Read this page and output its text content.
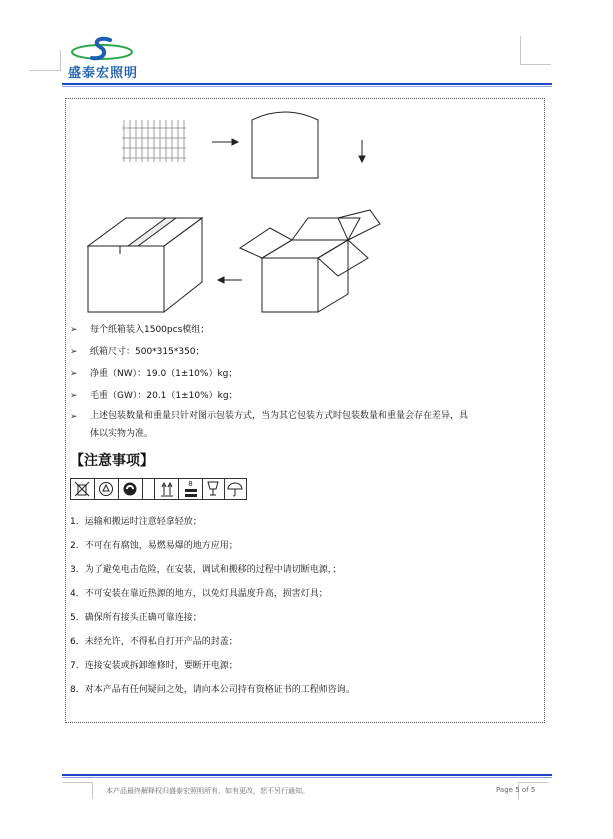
盛泰宏照明
➢ 每个纸箱装入1500pcs模组；
➢ 纸箱尺寸：500*315*350；
➢ 净重（NW）：19.0（1±10%）kg；
➢ 毛重（GW）：20.1（1±10%）kg；
➢ 上述包装数量和重量只针对图示包装方式，当为其它包装方式时包装数量和重量会存在差异，具
体以实物为准。
【注意事项】
8
1．运输和搬运时注意轻拿轻放；
2．不可在有腐蚀，易燃易爆的地方应用；
3．为了避免电击危险，在安装，调试和搬移的过程中请切断电源，；
4．不可安装在靠近热源的地方，以免灯具温度升高，损害灯具；
5．确保所有接头正确可靠连接；
6．未经允许，不得私自打开产品的封盖；
7．连接安装或拆卸维修时，要断开电源；
8．对本产品有任何疑问之处，请向本公司持有资格证书的工程师咨询。
本产品最终解释权归盛泰宏照明所有，如有更改，恕不另行通知。	Page 5 of 5
